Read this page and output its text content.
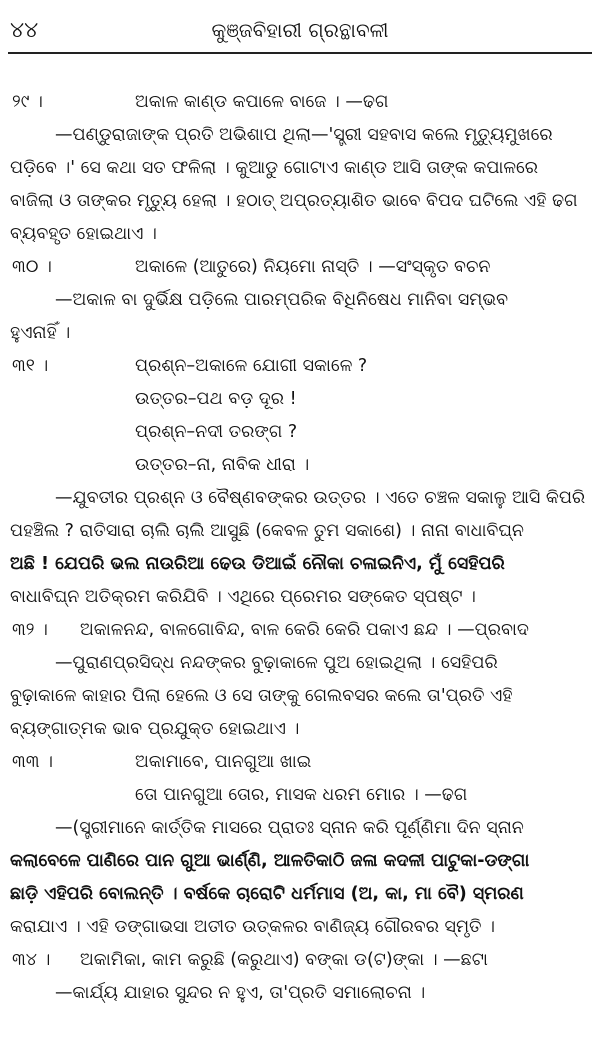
୪୪	କୁଞ୍ଜବିହାରୀ ଗ୍ରନ୍ଥାବଳୀ
୨୯ ।	ଅକାଳ କାଣ୍ଡ କପାଳେ ବାଜେ । —ଢଗ
—ପଣ୍ଡୁରାଜାଙ୍କ ପ୍ରତି ଅଭିଶାପ ଥିଲା—'ସ୍ତ୍ରୀ ସହବାସ କଲେ ମୃତ୍ୟୁମୁଖରେ
ପଡ଼ିବେ ।' ସେ କଥା ସତ ଫଳିଲା । କୁଆଡୁ ଗୋଟାଏ କାଣ୍ଡ ଆସି ତାଙ୍କ କପାଳରେ
ବାଜିଲା ଓ ତାଙ୍କର ମୃତ୍ୟୁ ହେଲା । ହଠାତ୍ ଅପ୍ରତ୍ୟାଶିତ ଭାବେ ବିପଦ ଘଟିଲେ ଏହି ଢଗ
ବ୍ୟବହୃତ ହୋଇଥାଏ ।
୩୦ ।	ଅକାଳେ (ଆତୁରେ) ନିୟମୋ ନାସ୍ତି । —ସଂସ୍କୃତ ବଚନ
—ଅକାଳ ବା ଦୁର୍ଭିକ୍ଷ ପଡ଼ିଲେ ପାରମ୍ପରିକ ବିଧିନିଷେଧ ମାନିବା ସମ୍ଭବ
ହୁଏନାହିଁ ।
୩୧ ।	ପ୍ରଶ୍ନ–ଅକାଳେ ଯୋଗୀ ସକାଳେ ?
ଉତ୍ତର–ପଥ ବଡ଼ ଦୂର !
ପ୍ରଶ୍ନ–ନଦୀ ତରଙ୍ଗ ?
ଉତ୍ତର–ନା, ନାବିକ ଧୀରା ।
—ଯୁବତୀର ପ୍ରଶ୍ନ ଓ ବୈଷ୍ଣବଙ୍କର ଉତ୍ତର । ଏତେ ଚଞ୍ଚଳ ସକାଳୁ ଆସି କିପରି
ପହଞ୍ଚିଲ ? ରାତିସାରା ଚାଲି ଚାଲି ଆସୁଛି (କେବଳ ତୁମ ସକାଶେ) । ନାନା ବାଧାବିଘ୍ନ
ଅଛି ! ଯେପରି ଭଲ ନାଉରିଆ ଢେଉ ଡିଆଇଁ ନୌକା ଚଳାଇନିଏ, ମୁଁ ସେହିପରି
ବାଧାବିଘ୍ନ ଅତିକ୍ରମ କରିଯିବି । ଏଥିରେ ପ୍ରେମର ସଙ୍କେତ ସ୍ପଷ୍ଟ ।
୩୨ । ଅକାଳନନ୍ଦ, ବାଳଗୋବିନ୍ଦ, ବାଳ କେରି କେରି ପକାଏ ଛନ୍ଦ । —ପ୍ରବାଦ
—ପୁରାଣପ୍ରସିଦ୍ଧ ନନ୍ଦଙ୍କର ବୁଢ଼ାକାଳେ ପୁଅ ହୋଇଥିଲା । ସେହିପରି
ବୁଢ଼ାକାଳେ କାହାର ପିଲା ହେଲେ ଓ ସେ ତାଙ୍କୁ ଗେଲବସର କଲେ ତା'ପ୍ରତି ଏହି
ବ୍ୟଙ୍ଗାତ୍ମକ ଭାବ ପ୍ରଯୁକ୍ତ ହୋଇଥାଏ ।
୩୩ ।	ଅକାମାବେ, ପାନଗୁଆ ଖାଇ
ତୋ ପାନଗୁଆ ତୋର, ମାସକ ଧରମ ମୋର । —ଢଗ
—(ସ୍ତ୍ରୀମାନେ କାର୍ତ୍ତିକ ମାସରେ ପ୍ରାତଃ ସ୍ନାନ କରି ପୂର୍ଣ୍ଣିମା ଦିନ ସ୍ନାନ
କଲାବେଳେ ପାଣିରେ ପାନ ଗୁଆ ଭାର୍ଣ୍ଣି, ଆଳତିକାଠି ଜଳା କଦଳୀ ପାଟୁକା-ଡଙ୍ଗା
ଛାଡ଼ି ଏହିପରି ବୋଲନ୍ତି । ବର୍ଷକେ ଚାରୋଟି ଧର୍ମମାସ (ଅ, କା, ମା ବୈ) ସ୍ମରଣ
କରାଯାଏ । ଏହି ଡଙ୍ଗାଭସା ଅତୀତ ଉତ୍କଳର ବାଣିଜ୍ୟ ଗୌରବର ସ୍ମୃତି ।
୩୪ । ଅକାମିକା, କାମ କରୁଛି (କରୁଥାଏ) ବଙ୍କା ଡ(ଟ)ଙ୍କା । —ଛଟା
—କାର୍ଯ୍ୟ ଯାହାର ସୁନ୍ଦର ନ ହୁଏ, ତା'ପ୍ରତି ସମାଲୋଚନା ।
